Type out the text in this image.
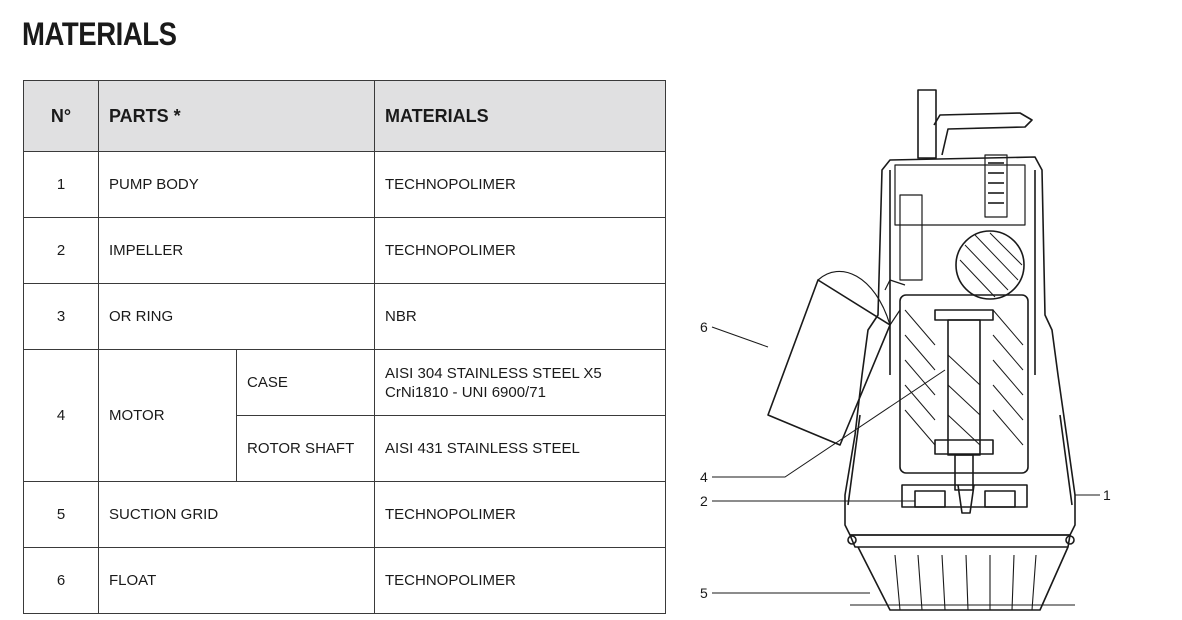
MATERIALS
N°	PARTS *		MATERIALS
1	PUMP BODY		TECHNOPOLIMER
2	IMPELLER		TECHNOPOLIMER
3	OR RING		NBR
4	MOTOR	CASE	AISI 304 STAINLESS STEEL X5 CrNi1810 - UNI 6900/71

		ROTOR SHAFT	AISI 431 STAINLESS STEEL
5	SUCTION GRID		TECHNOPOLIMER
6	FLOAT		TECHNOPOLIMER
6
4
2
5
1
